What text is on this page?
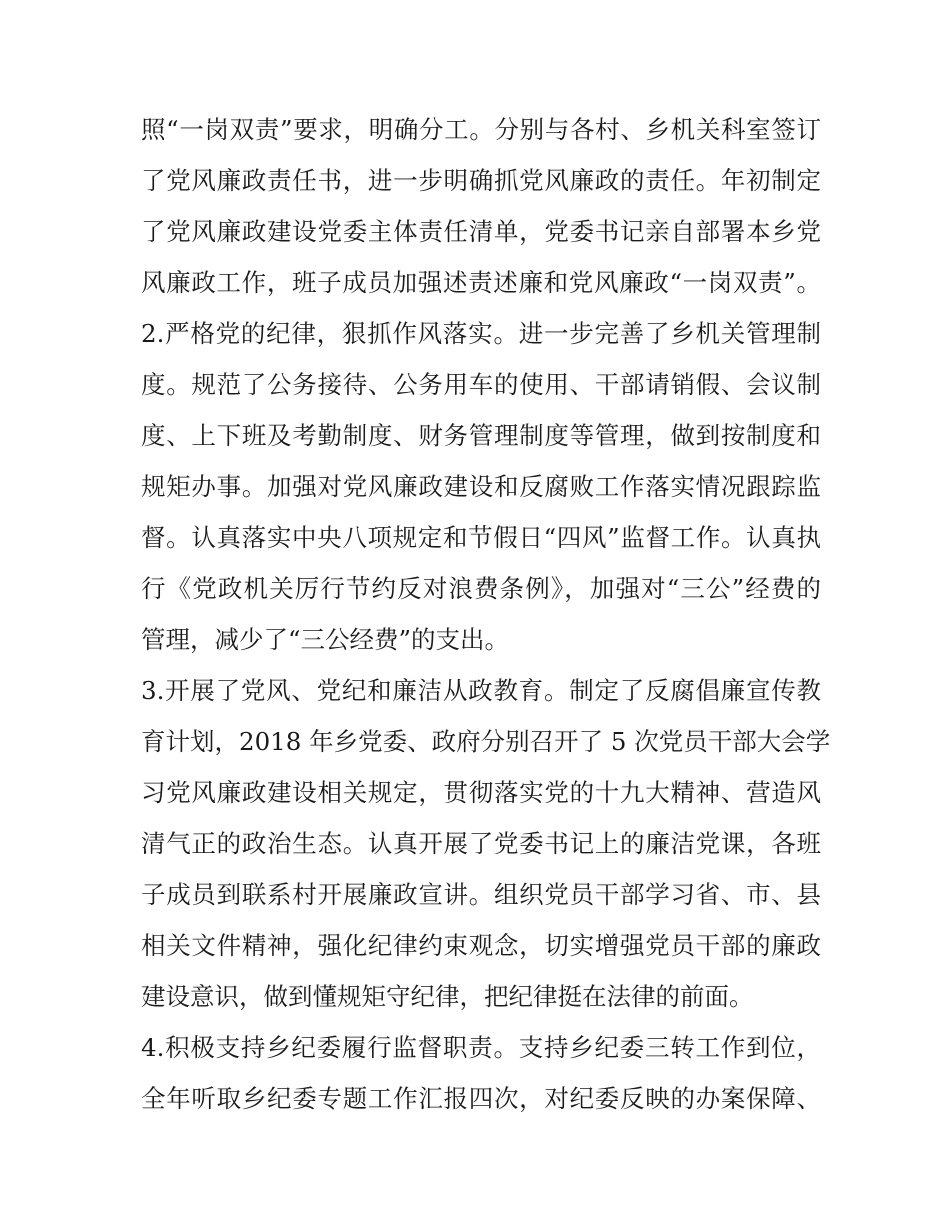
照“一岗双责”要求，明确分工。分别与各村、乡机关科室签订
了党风廉政责任书，进一步明确抓党风廉政的责任。年初制定
了党风廉政建设党委主体责任清单，党委书记亲自部署本乡党
风廉政工作，班子成员加强述责述廉和党风廉政“一岗双责”。
2.严格党的纪律，狠抓作风落实。进一步完善了乡机关管理制
度。规范了公务接待、公务用车的使用、干部请销假、会议制
度、上下班及考勤制度、财务管理制度等管理，做到按制度和
规矩办事。加强对党风廉政建设和反腐败工作落实情况跟踪监
督。认真落实中央八项规定和节假日“四风”监督工作。认真执
行《党政机关厉行节约反对浪费条例》，加强对“三公”经费的
管理，减少了“三公经费”的支出。
3.开展了党风、党纪和廉洁从政教育。制定了反腐倡廉宣传教
育计划，2018 年乡党委、政府分别召开了 5 次党员干部大会学
习党风廉政建设相关规定，贯彻落实党的十九大精神、营造风
清气正的政治生态。认真开展了党委书记上的廉洁党课，各班
子成员到联系村开展廉政宣讲。组织党员干部学习省、市、县
相关文件精神，强化纪律约束观念，切实增强党员干部的廉政
建设意识，做到懂规矩守纪律，把纪律挺在法律的前面。
4.积极支持乡纪委履行监督职责。支持乡纪委三转工作到位，
全年听取乡纪委专题工作汇报四次，对纪委反映的办案保障、
